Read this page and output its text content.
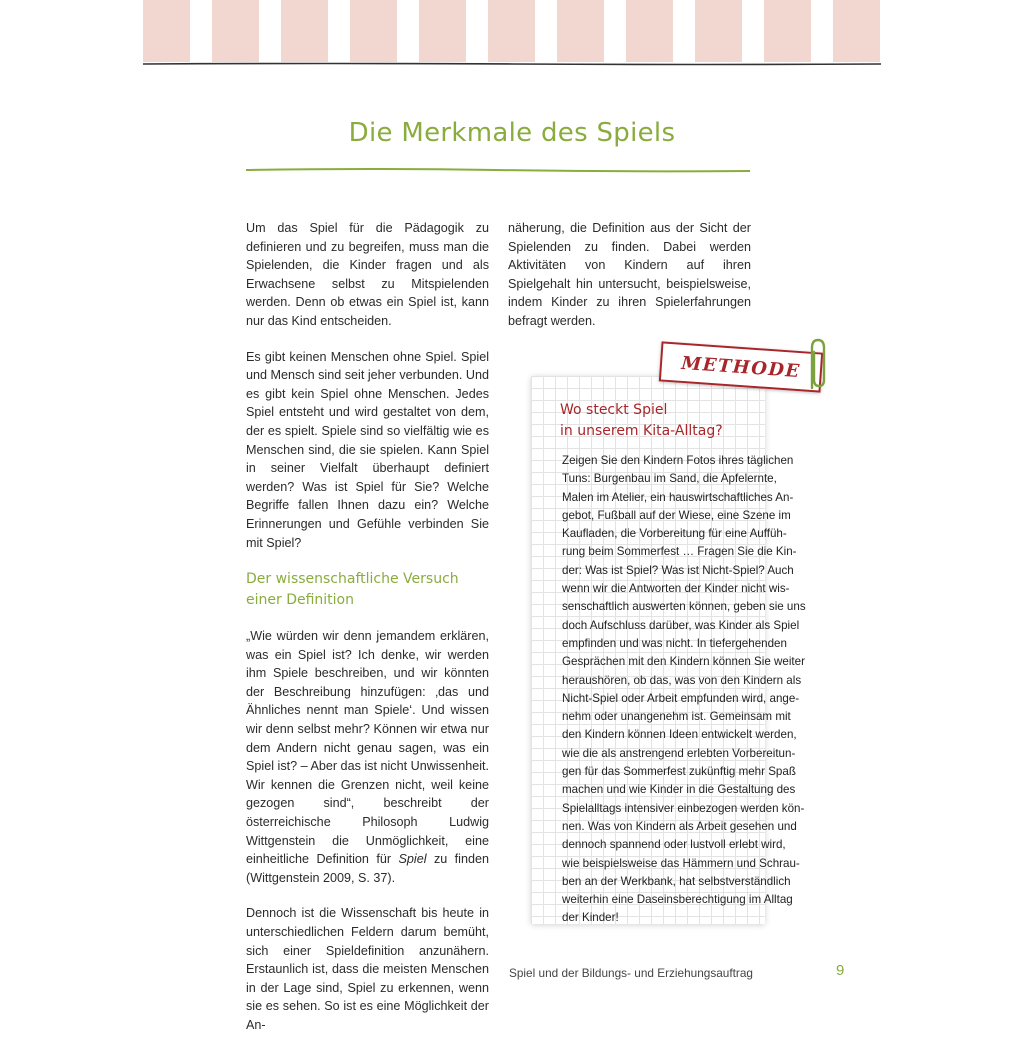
Die Merkmale des Spiels

Um das Spiel für die Pädagogik zu definieren und zu begreifen, muss man die Spielenden, die Kinder fragen und als Erwachsene selbst zu Mitspielenden werden. Denn ob etwas ein Spiel ist, kann nur das Kind entscheiden.

Es gibt keinen Menschen ohne Spiel. Spiel und Mensch sind seit jeher verbunden. Und es gibt kein Spiel ohne Menschen. Jedes Spiel entsteht und wird gestaltet von dem, der es spielt. Spiele sind so vielfältig wie es Menschen sind, die sie spielen. Kann Spiel in seiner Vielfalt überhaupt definiert werden? Was ist Spiel für Sie? Welche Begriffe fallen Ihnen dazu ein? Welche Erinnerungen und Gefühle verbinden Sie mit Spiel?

Der wissenschaftliche Versuch
einer Definition

„Wie würden wir denn jemandem erklären, was ein Spiel ist? Ich denke, wir werden ihm Spiele beschreiben, und wir könnten der Beschreibung hinzufügen: ‚das und Ähnliches nennt man Spiele‘. Und wissen wir denn selbst mehr? Können wir etwa nur dem Andern nicht genau sagen, was ein Spiel ist? – Aber das ist nicht Unwissenheit. Wir kennen die Grenzen nicht, weil keine gezogen sind“, beschreibt der österreichische Philosoph Ludwig Wittgenstein die Unmöglichkeit, eine einheitliche Definition für Spiel zu finden (Wittgenstein 2009, S. 37).

Dennoch ist die Wissenschaft bis heute in unterschiedlichen Feldern darum bemüht, sich einer Spieldefinition anzunähern. Erstaunlich ist, dass die meisten Menschen in der Lage sind, Spiel zu erkennen, wenn sie es sehen. So ist es eine Möglichkeit der An-

näherung, die Definition aus der Sicht der Spielenden zu finden. Dabei werden Aktivitäten von Kindern auf ihren Spielgehalt hin untersucht, beispielsweise, indem Kinder zu ihren Spielerfahrungen befragt werden.

METHODE
Wo steckt Spiel
in unserem Kita-Alltag?
Zeigen Sie den Kindern Fotos ihres täglichen
Tuns: Burgenbau im Sand, die Apfelernte,
Malen im Atelier, ein hauswirtschaftliches An-
gebot, Fußball auf der Wiese, eine Szene im
Kaufladen, die Vorbereitung für eine Auffüh-
rung beim Sommerfest … Fragen Sie die Kin-
der: Was ist Spiel? Was ist Nicht-Spiel? Auch
wenn wir die Antworten der Kinder nicht wis-
senschaftlich auswerten können, geben sie uns
doch Aufschluss darüber, was Kinder als Spiel
empfinden und was nicht. In tiefergehenden
Gesprächen mit den Kindern können Sie weiter
heraushören, ob das, was von den Kindern als
Nicht-Spiel oder Arbeit empfunden wird, ange-
nehm oder unangenehm ist. Gemeinsam mit
den Kindern können Ideen entwickelt werden,
wie die als anstrengend erlebten Vorbereitun-
gen für das Sommerfest zukünftig mehr Spaß
machen und wie Kinder in die Gestaltung des
Spielalltags intensiver einbezogen werden kön-
nen. Was von Kindern als Arbeit gesehen und
dennoch spannend oder lustvoll erlebt wird,
wie beispielsweise das Hämmern und Schrau-
ben an der Werkbank, hat selbstverständlich
weiterhin eine Daseinsberechtigung im Alltag
der Kinder!
Spiel und der Bildungs- und Erziehungsauftrag	9
